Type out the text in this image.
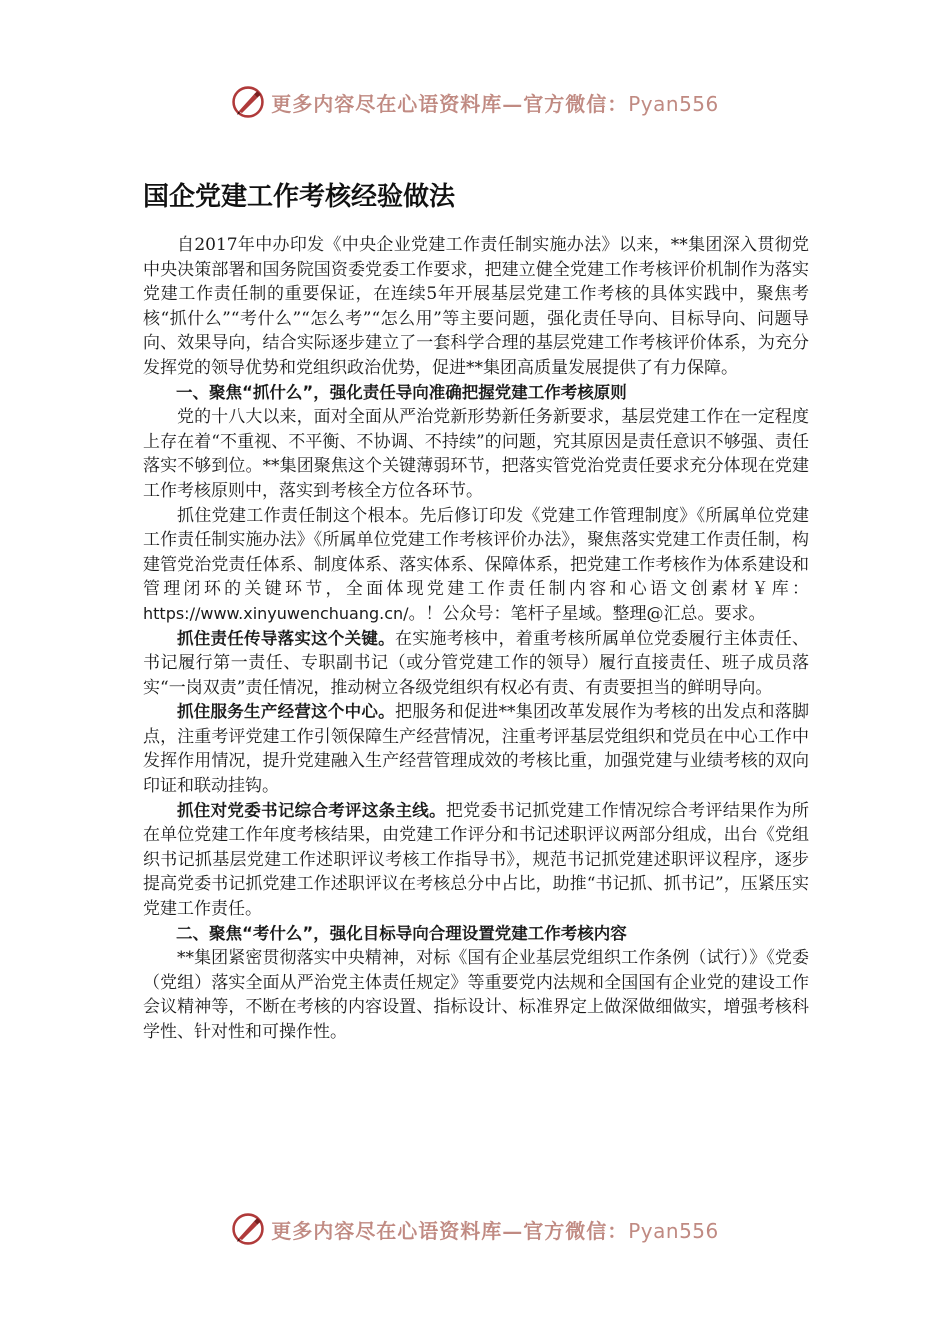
更多内容尽在心语资料库—官方微信：Pyan556
国企党建工作考核经验做法

自2017年中办印发《中央企业党建工作责任制实施办法》以来，**集团深入贯彻党中央决策部署和国务院国资委党委工作要求，把建立健全党建工作考核评价机制作为落实党建工作责任制的重要保证，在连续5年开展基层党建工作考核的具体实践中，聚焦考核“抓什么”“考什么”“怎么考”“怎么用”等主要问题，强化责任导向、目标导向、问题导向、效果导向，结合实际逐步建立了一套科学合理的基层党建工作考核评价体系，为充分发挥党的领导优势和党组织政治优势，促进**集团高质量发展提供了有力保障。

一、聚焦“抓什么”，强化责任导向准确把握党建工作考核原则

党的十八大以来，面对全面从严治党新形势新任务新要求，基层党建工作在一定程度上存在着“不重视、不平衡、不协调、不持续”的问题，究其原因是责任意识不够强、责任落实不够到位。**集团聚焦这个关键薄弱环节，把落实管党治党责任要求充分体现在党建工作考核原则中，落实到考核全方位各环节。

抓住党建工作责任制这个根本。先后修订印发《党建工作管理制度》《所属单位党建工作责任制实施办法》《所属单位党建工作考核评价办法》，聚焦落实党建工作责任制，构建管党治党责任体系、制度体系、落实体系、保障体系，把党建工作考核作为体系建设和管理闭环的关键环节，全面体现党建工作责任制内容和心语文创素材￥库：https://www.xinyuwenchuang.cn/。！公众号：笔杆子星域。整理@汇总。要求。

抓住责任传导落实这个关键。在实施考核中，着重考核所属单位党委履行主体责任、书记履行第一责任、专职副书记（或分管党建工作的领导）履行直接责任、班子成员落实“一岗双责”责任情况，推动树立各级党组织有权必有责、有责要担当的鲜明导向。

抓住服务生产经营这个中心。把服务和促进**集团改革发展作为考核的出发点和落脚点，注重考评党建工作引领保障生产经营情况，注重考评基层党组织和党员在中心工作中发挥作用情况，提升党建融入生产经营管理成效的考核比重，加强党建与业绩考核的双向印证和联动挂钩。

抓住对党委书记综合考评这条主线。把党委书记抓党建工作情况综合考评结果作为所在单位党建工作年度考核结果，由党建工作评分和书记述职评议两部分组成，出台《党组织书记抓基层党建工作述职评议考核工作指导书》，规范书记抓党建述职评议程序，逐步提高党委书记抓党建工作述职评议在考核总分中占比，助推“书记抓、抓书记”，压紧压实党建工作责任。

二、聚焦“考什么”，强化目标导向合理设置党建工作考核内容

**集团紧密贯彻落实中央精神，对标《国有企业基层党组织工作条例（试行）》《党委（党组）落实全面从严治党主体责任规定》等重要党内法规和全国国有企业党的建设工作会议精神等，不断在考核的内容设置、指标设计、标准界定上做深做细做实，增强考核科学性、针对性和可操作性。

更多内容尽在心语资料库—官方微信：Pyan556
